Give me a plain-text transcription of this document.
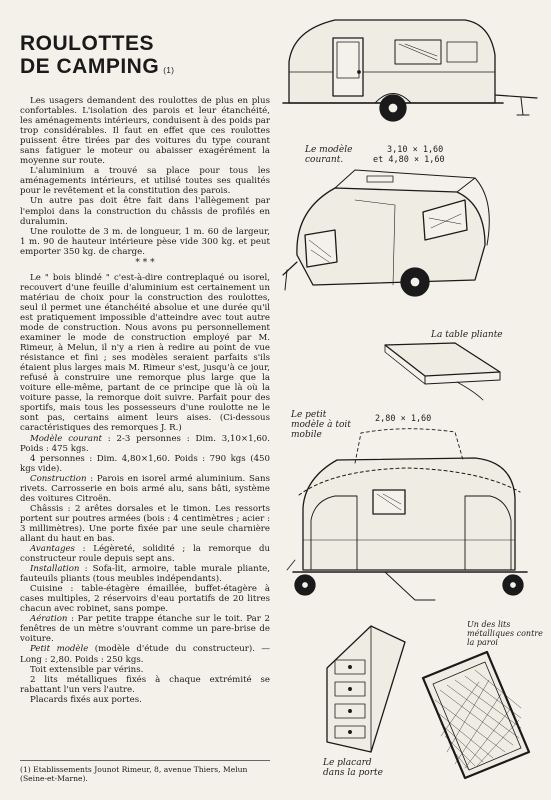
ROULOTTES
DE CAMPING $^{(1)}$

Les usagers demandent des roulottes de plus en plus confortables. L'isolation des parois et leur étanchéité, les aménagements intérieurs, conduisent à des poids par trop considérables. Il faut en effet que ces roulottes puissent être tirées par des voitures du type courant sans fatiguer le moteur ou abaisser exagérément la moyenne sur route.

L'aluminium a trouvé sa place pour tous les aménagements intérieurs, et utilisé toutes ses qualités pour le revêtement et la constitution des parois.

Un autre pas doit être fait dans l'allègement par l'emploi dans la construction du châssis de profilés en duralumin.

Une roulotte de 3 m. de longueur, 1 m. 60 de largeur, 1 m. 90 de hauteur intérieure pèse vide 300 kg. et peut emporter 350 kg. de charge.

* * *

Le " bois blindé " c'est-à-dire contreplaqué ou isorel, recouvert d'une feuille d'aluminium est certainement un matériau de choix pour la construction des roulottes, seul il permet une étanchéité absolue et une durée qu'il est pratiquement impossible d'atteindre avec tout autre mode de construction. Nous avons pu personnellement examiner le mode de construction employé par M. Rimeur, à Melun, il n'y a rien à redire au point de vue résistance et fini ; ses modèles seraient parfaits s'ils étaient plus larges mais M. Rimeur s'est, jusqu'à ce jour, refusé à construire une remorque plus large que la voiture elle-même, partant de ce principe que là où la voiture passe, la remorque doit suivre. Parfait pour des sportifs, mais tous les possesseurs d'une roulotte ne le sont pas, certains aiment leurs aises. (Ci-dessous caractéristiques des remorques J. R.)

Modèle courant : 2-3 personnes : Dim. 3,10×1,60. Poids : 475 kgs.

4 personnes : Dim. 4,80×1,60. Poids : 790 kgs (450 kgs vide).

Construction : Parois en isorel armé aluminium. Sans rivets. Carrosserie en bois armé alu, sans bâti, système des voitures Citroën.

Châssis : 2 arêtes dorsales et le timon. Les ressorts portent sur poutres armées (bois : 4 centimètres ; acier : 3 millimètres). Une porte fixée par une seule charnière allant du haut en bas.

Avantages : Légèreté, solidité ; la remorque du constructeur roule depuis sept ans.

Installation : Sofa-lit, armoire, table murale pliante, fauteuils pliants (tous meubles indépendants).

Cuisine : table-étagère émaillée, buffet-étagère à cases multiples, 2 réservoirs d'eau portatifs de 20 litres chacun avec robinet, sans pompe.

Aération : Par petite trappe étanche sur le toit. Par 2 fenêtres de un mètre s'ouvrant comme un pare-brise de voiture.

Petit modèle (modèle d'étude du constructeur). — Long : 2,80. Poids : 250 kgs.

Toit extensible par vérins.

2 lits métalliques fixés à chaque extrémité se rabattant l'un vers l'autre.

Placards fixés aux portes.

(1) Etablissements Jounot Rimeur, 8, avenue Thiers, Melun (Seine-et-Marne).
Le modèle courant.
3,10 × 1,60
et 4,80 × 1,60
La table pliante
Le petit modèle à toit mobile
2,80 × 1,60
Un des lits métalliques contre la paroi
Le placard dans la porte
